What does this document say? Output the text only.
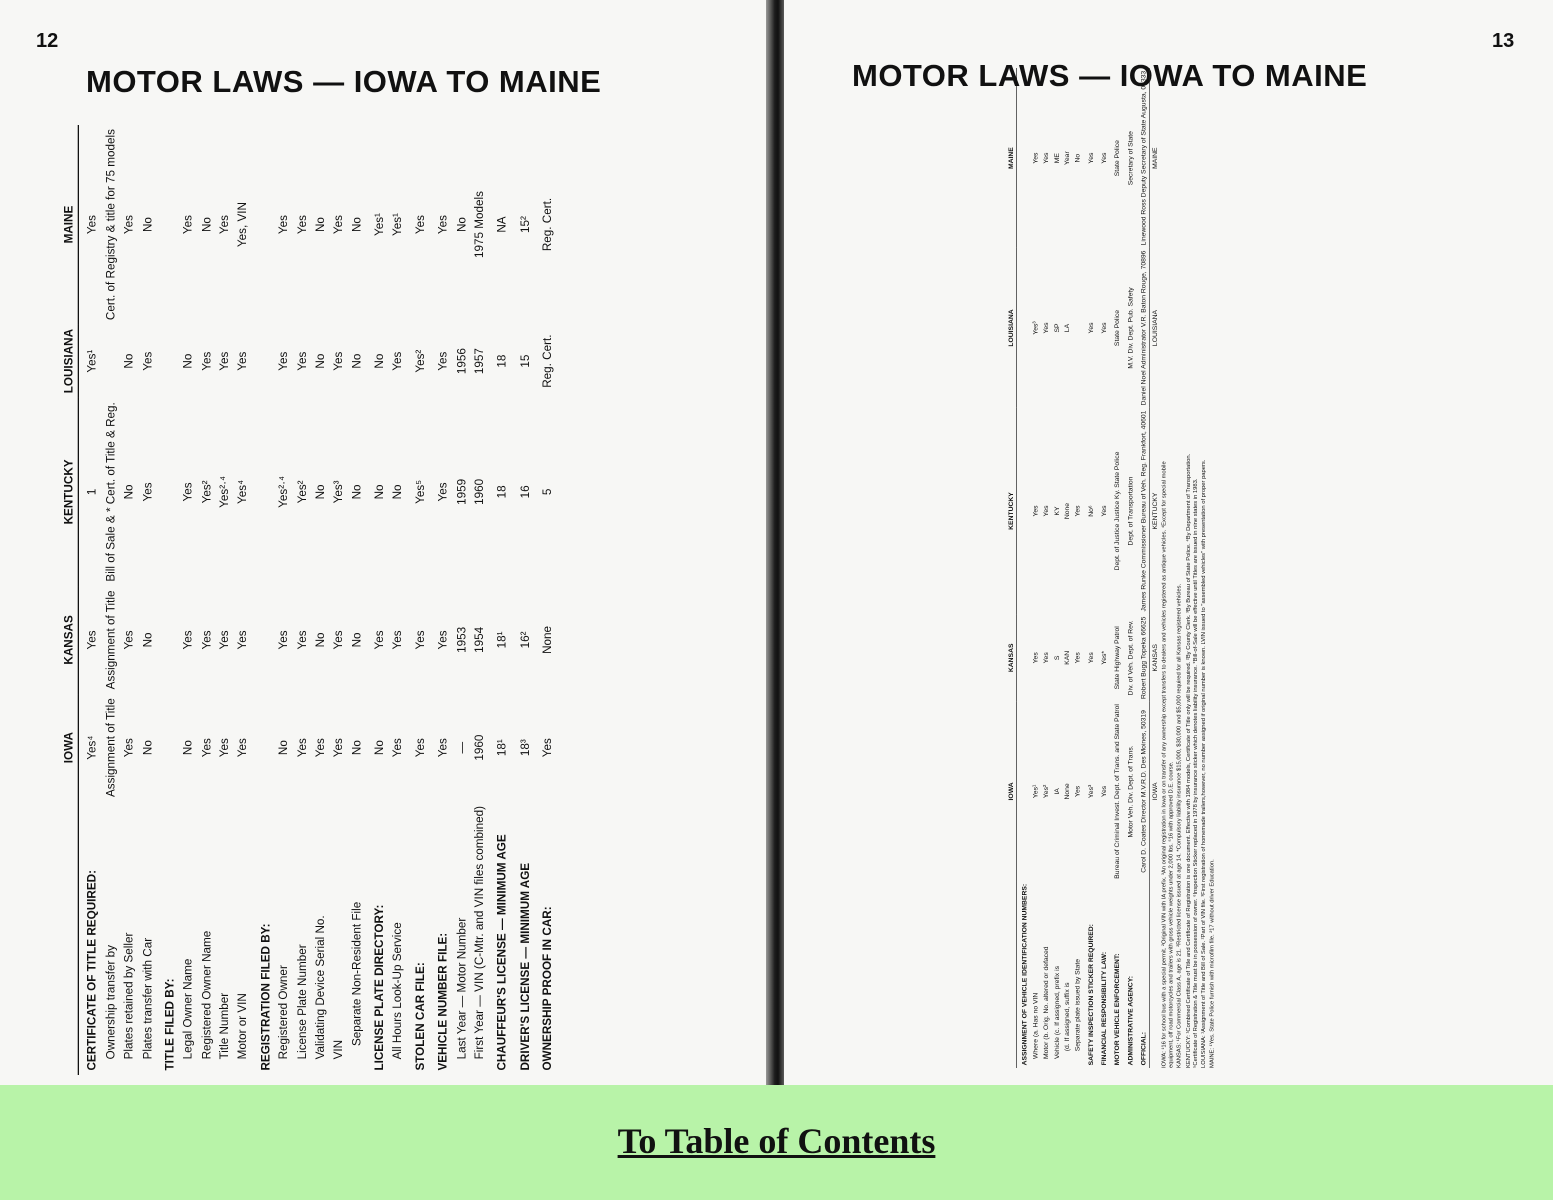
12
MOTOR LAWS — IOWA TO MAINE
	IOWA	KANSAS	KENTUCKY	LOUISIANA	MAINE
CERTIFICATE OF TITLE REQUIRED:	Yes⁴	Yes	1	Yes¹	Yes
Ownership transfer by	Assignment of Title	Assignment of Title	Bill of Sale & * Cert. of Title & Reg.		Cert. of Registry & title for 75 models
Plates retained by Seller	Yes	Yes	No	No	Yes
Plates transfer with Car	No	No	Yes	Yes	No
TITLE FILED BY:					
Legal Owner Name	No	Yes	Yes	No	Yes
Registered Owner Name	Yes	Yes	Yes²	Yes	No
Title Number	Yes	Yes	Yes²·⁴	Yes	Yes
Motor or VIN	Yes	Yes	Yes⁴	Yes	Yes, VIN
REGISTRATION FILED BY:					
Registered Owner	No	Yes	Yes²·⁴	Yes	Yes
License Plate Number	Yes	Yes	Yes²	Yes	Yes
Validating Device Serial No.	Yes	No	No	No	No
VIN	Yes	Yes	Yes³	Yes	Yes
Separate Non-Resident File	No	No	No	No	No
LICENSE PLATE DIRECTORY:	No	Yes	No	No	Yes¹
All Hours Look-Up Service	Yes	Yes	No	Yes	Yes¹
STOLEN CAR FILE:	Yes	Yes	Yes⁵	Yes²	Yes
VEHICLE NUMBER FILE:	Yes	Yes	Yes	Yes	Yes
Last Year — Motor Number	—	1953	1959	1956	No
First Year — VIN (C-Mtr. and VIN files combined)	1960	1954	1960	1957	1975 Models
CHAUFFEUR'S LICENSE — MINIMUM AGE	18¹	18¹	18	18	NA
DRIVER'S LICENSE — MINIMUM AGE	18³	16²	16	15	15²
OWNERSHIP PROOF IN CAR:	Yes	None	5	Reg. Cert.	Reg. Cert.
13
MOTOR LAWS — IOWA TO MAINE
	IOWA	KANSAS	KENTUCKY	LOUISIANA	MAINE
ASSIGNMENT OF VEHICLE IDENTIFICATION NUMBERS:					
Where (a. Has no VIN	Yes¹	Yes	Yes	Yes³	Yes
Motor (b. Orig. No. altered or defaced	Yes²	Yes	Yes	Yes	Yes
Vehicle (c. If assigned, prefix is	IA	S	KY	SP	ME
(d. If assigned, suffix is	None	KAN	None	LA	Year
Separate plate issued by State	Yes	Yes	Yes		No
SAFETY INSPECTION STICKER REQUIRED:	Yes³	Yes	No⁶	Yes	Yes
FINANCIAL RESPONSIBILITY LAW:	Yes	Yes*	Yes	Yes	Yes
MOTOR VEHICLE ENFORCEMENT:	Bureau of Criminal Invest. Dept. of Trans. and State Patrol	State Highway Patrol	Dept. of Justice Justice Ky. State Police	State Police	State Police
ADMINISTRATIVE AGENCY:	Motor Veh. Div. Dept. of Trans.	Div. of Veh. Dept. of Rev.	Dept. of Transportation	M.V. Div. Dept. Pub. Safety	Secretary of State
OFFICIAL:	Carol D. Coates Director M.V.R.D. Des Moines, 50319	Robert Bugg Topeka 66625	James Runke Commissioner Bureau of Veh. Reg. Frankfort, 40601	Daniel Noel Administrator V.R. Baton Rouge, 70896	Linewood Ross Deputy Secretary of State Augusta, 04333
	IOWA	KANSAS	KENTUCKY	LOUISIANA	MAINE

IOWA: ¹16 for school bus with a special permit. ²Original VIN with IA prefix. ³An original registration in Iowa or on transfer of any ownership except transfers to dealers and vehicles registered as antique vehicles. ⁴Except for special mobile equipment, off road motorcycles and trailers with gross vehicle weights under 2,000 lbs. ⁵16 with approved D.E. course. KANSAS: ¹For Commercial Class A, age is 21. ²Restricted license issued at age 14. *Compulsory liability insurance $15,000, $30,000 and $5,000 required for all Kansas registered vehicles. KENTUCKY: ¹Combined Certificate of Title and Certificate of Registration is one document. Effective with 1984 models, Certificate of Title only will be required. ²By County Clerk. ³By Bureau of State Police. ⁴By Department of Transportation. ⁵Certificate of Registration & Title must be in possession of owner. ⁶Inspection Sticker replaced in 1978 by insurance sticker which denotes liability insurance. *Bill-of-Sale will be effective until Titles are issued in nine states in 1983. LOUISIANA: ¹Assignment of Title and Bill of Sale. ²Part of VIN file. ³First registration of homemade trailers,however, no number assigned if original number is known. LVIN issued to "assembled vehicles" with presentation of proper papers. MAINE: ¹Yes. State Police furnish with microfilm file. ²17 without driver Education.

To Table of Contents
